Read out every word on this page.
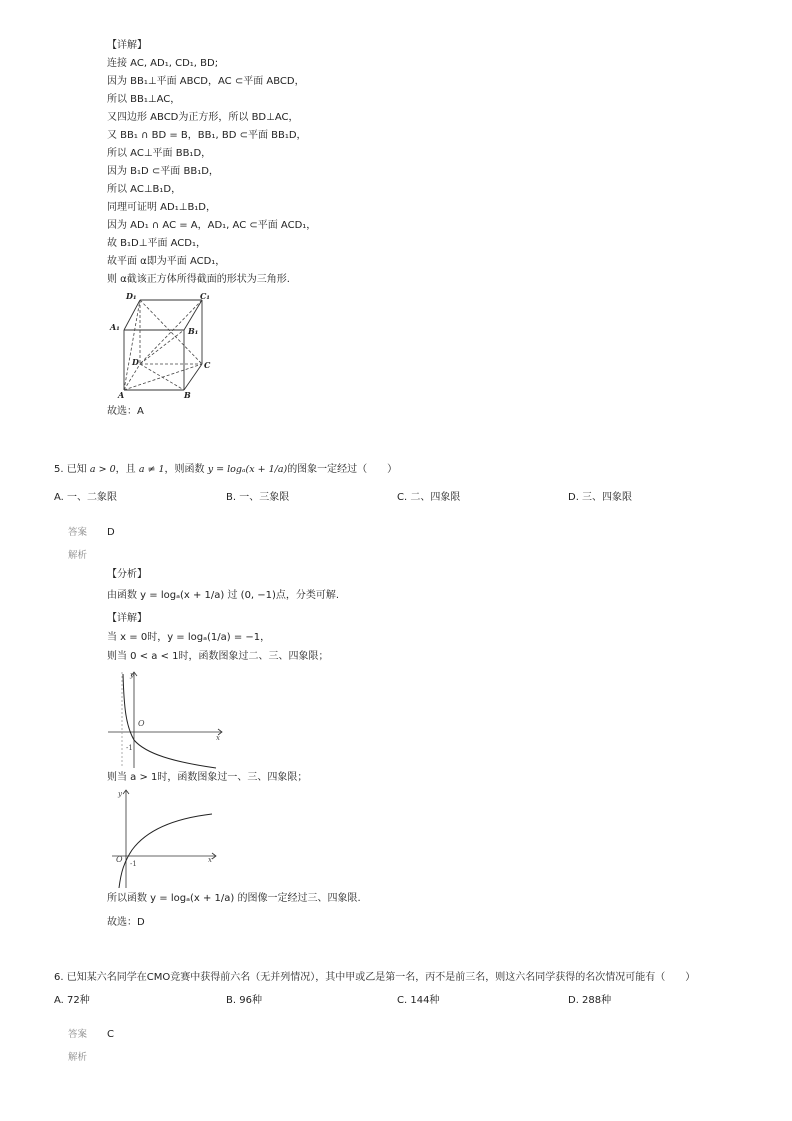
【详解】
连接 AC, AD₁, CD₁, BD;
因为 BB₁⊥平面 ABCD，AC ⊂平面 ABCD，
所以 BB₁⊥AC，
又四边形 ABCD为正方形，所以 BD⊥AC，
又 BB₁ ∩ BD = B，BB₁, BD ⊂平面 BB₁D，
所以 AC⊥平面 BB₁D，
因为 B₁D ⊂平面 BB₁D，
所以 AC⊥B₁D，
同理可证明 AD₁⊥B₁D，
因为 AD₁ ∩ AC = A，AD₁, AC ⊂平面 ACD₁，
故 B₁D⊥平面 ACD₁，
故平面 α即为平面 ACD₁，
则 α截该正方体所得截面的形状为三角形.
D₁	C₁
A₁	B₁
D	C
A	B
故选：A
5. 已知 a > 0，且 a ≠ 1，则函数 y = logₐ(x + 1/a)的图象一定经过（　　）
A. 一、二象限	B. 一、三象限	C. 二、四象限	D. 三、四象限
答案 D
解析
【分析】
由函数 y = logₐ(x + 1/a) 过 (0, −1)点，分类可解.
【详解】
当 x = 0时，y = logₐ(1/a) = −1，
则当 0 < a < 1时，函数图象过二、三、四象限；
y
O
x
-1
则当 a > 1时，函数图象过一、三、四象限；
y
O	x
-1
所以函数 y = logₐ(x + 1/a) 的图像一定经过三、四象限.
故选：D
6. 已知某六名同学在CMO竞赛中获得前六名（无并列情况），其中甲或乙是第一名，丙不是前三名，则这六名同学获得的名次情况可能有（　　）
A. 72种	B. 96种	C. 144种	D. 288种
答案 C
解析
